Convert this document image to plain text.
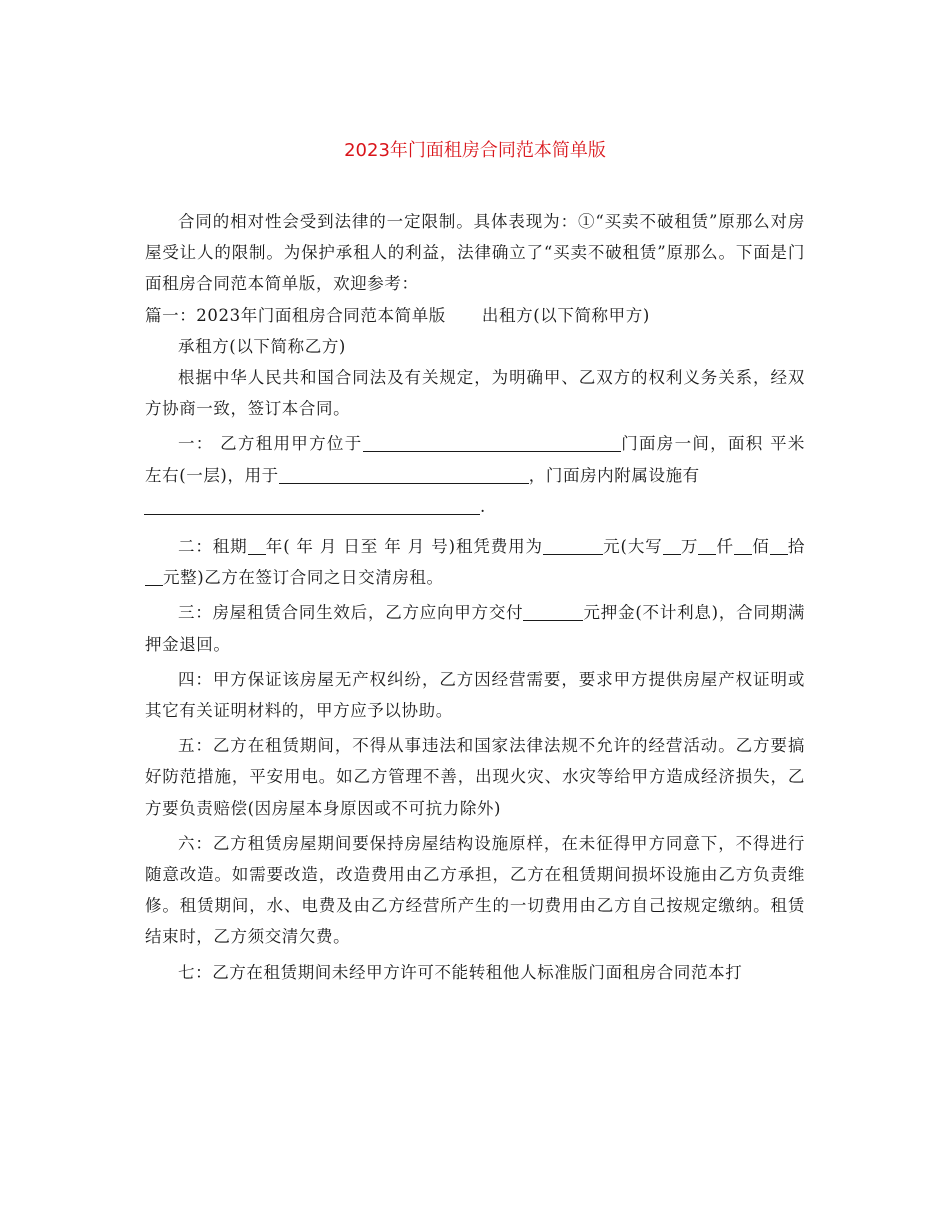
2023年门面租房合同范本简单版

合同的相对性会受到法律的一定限制。具体表现为：①“买卖不破租赁”原那么对房屋受让人的限制。为保护承租人的利益，法律确立了“买卖不破租赁”原那么。下面是门面租房合同范本简单版，欢迎参考：

篇一：2023年门面租房合同范本简单版 出租方(以下简称甲方)

承租方(以下简称乙方)

根据中华人民共和国合同法及有关规定，为明确甲、乙双方的权利义务关系，经双方协商一致，签订本合同。

一： 乙方租用甲方位于	门面房一间，面积 平米左右(一层)，用于	，门面房内附属设施有
.

二：租期 年( 年 月 日至 年 月 号)租凭费用为	元(大写 万 仟 佰 拾元整)乙方在签订合同之日交清房租。

三：房屋租赁合同生效后，乙方应向甲方交付	元押金(不计利息)，合同期满押金退回。

四：甲方保证该房屋无产权纠纷，乙方因经营需要，要求甲方提供房屋产权证明或其它有关证明材料的，甲方应予以协助。

五：乙方在租赁期间，不得从事违法和国家法律法规不允许的经营活动。乙方要搞好防范措施，平安用电。如乙方管理不善，出现火灾、水灾等给甲方造成经济损失，乙方要负责赔偿(因房屋本身原因或不可抗力除外)

六：乙方租赁房屋期间要保持房屋结构设施原样，在未征得甲方同意下，不得进行随意改造。如需要改造，改造费用由乙方承担，乙方在租赁期间损坏设施由乙方负责维修。租赁期间，水、电费及由乙方经营所产生的一切费用由乙方自己按规定缴纳。租赁结束时，乙方须交清欠费。

七：乙方在租赁期间未经甲方许可不能转租他人标准版门面租房合同范本打
